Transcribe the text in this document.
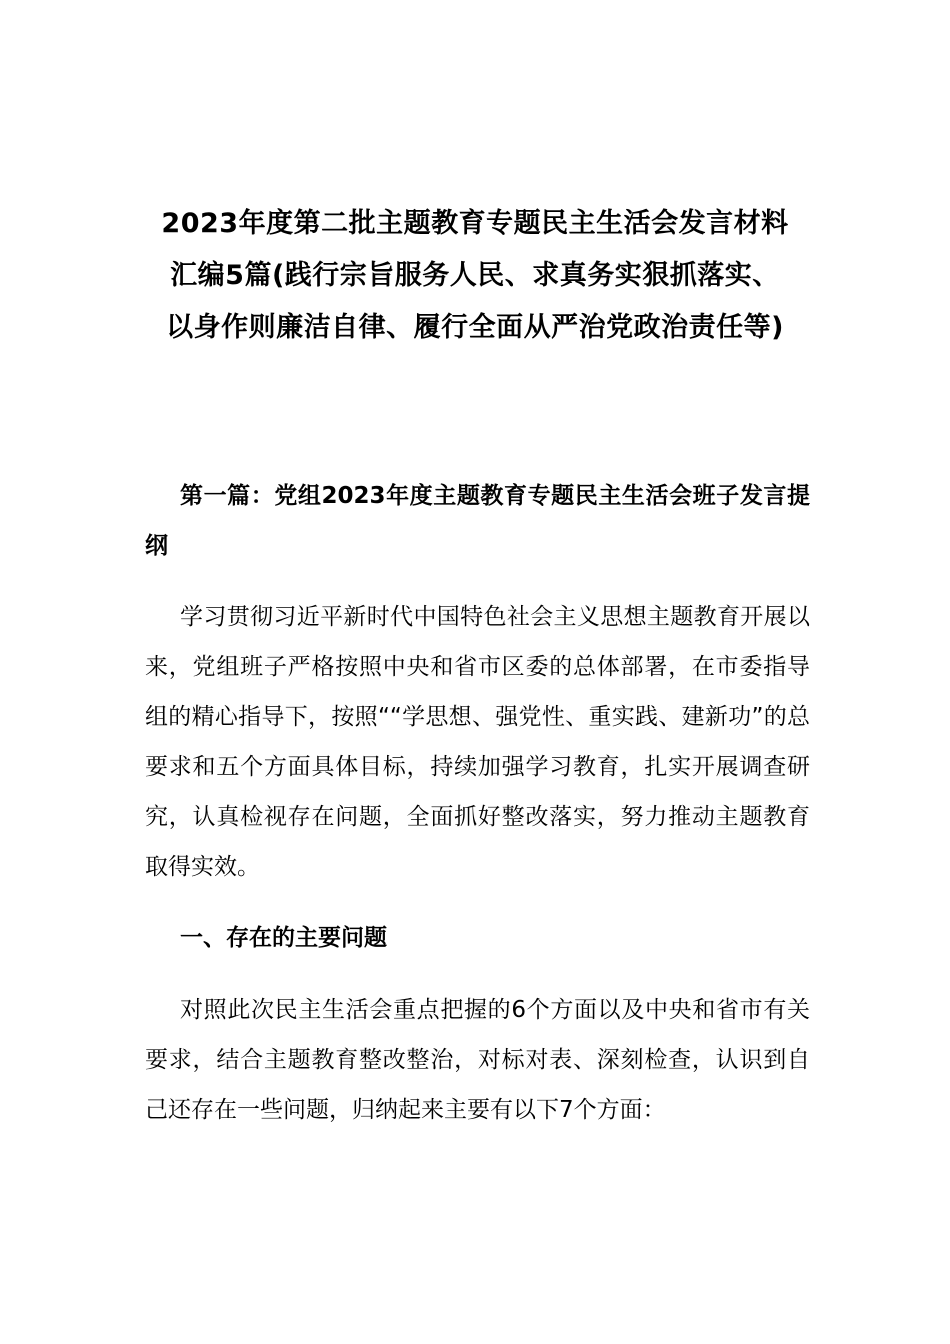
2023年度第二批主题教育专题民主生活会发言材料
汇编5篇(践行宗旨服务人民、求真务实狠抓落实、
以身作则廉洁自律、履行全面从严治党政治责任等)

第一篇：党组2023年度主题教育专题民主生活会班子发言提纲

学习贯彻习近平新时代中国特色社会主义思想主题教育开展以来，党组班子严格按照中央和省市区委的总体部署，在市委指导组的精心指导下，按照““学思想、强党性、重实践、建新功”的总要求和五个方面具体目标，持续加强学习教育，扎实开展调查研究，认真检视存在问题，全面抓好整改落实，努力推动主题教育取得实效。

一、存在的主要问题

对照此次民主生活会重点把握的6个方面以及中央和省市有关要求，结合主题教育整改整治，对标对表、深刻检查，认识到自己还存在一些问题，归纳起来主要有以下7个方面：
